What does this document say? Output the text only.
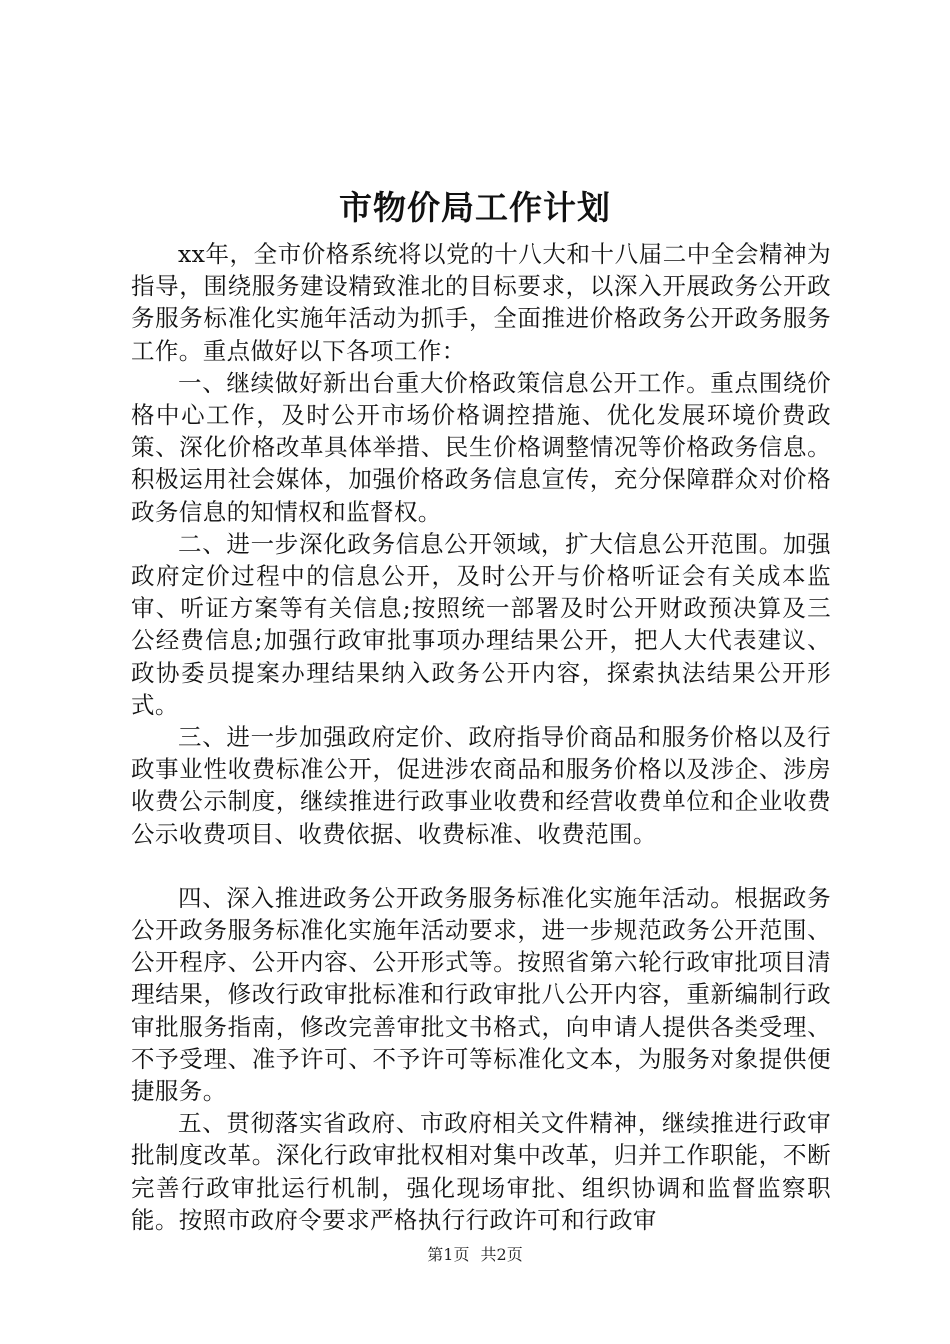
市物价局工作计划

xx年，全市价格系统将以党的十八大和十八届二中全会精神为指导，围绕服务建设精致淮北的目标要求，以深入开展政务公开政务服务标准化实施年活动为抓手，全面推进价格政务公开政务服务工作。重点做好以下各项工作：

一、继续做好新出台重大价格政策信息公开工作。重点围绕价格中心工作，及时公开市场价格调控措施、优化发展环境价费政策、深化价格改革具体举措、民生价格调整情况等价格政务信息。积极运用社会媒体，加强价格政务信息宣传，充分保障群众对价格政务信息的知情权和监督权。

二、进一步深化政务信息公开领域，扩大信息公开范围。加强政府定价过程中的信息公开，及时公开与价格听证会有关成本监审、听证方案等有关信息;按照统一部署及时公开财政预决算及三公经费信息;加强行政审批事项办理结果公开，把人大代表建议、政协委员提案办理结果纳入政务公开内容，探索执法结果公开形式。

三、进一步加强政府定价、政府指导价商品和服务价格以及行政事业性收费标准公开，促进涉农商品和服务价格以及涉企、涉房收费公示制度，继续推进行政事业收费和经营收费单位和企业收费公示收费项目、收费依据、收费标准、收费范围。

四、深入推进政务公开政务服务标准化实施年活动。根据政务公开政务服务标准化实施年活动要求，进一步规范政务公开范围、公开程序、公开内容、公开形式等。按照省第六轮行政审批项目清理结果，修改行政审批标准和行政审批八公开内容，重新编制行政审批服务指南，修改完善审批文书格式，向申请人提供各类受理、不予受理、准予许可、不予许可等标准化文本，为服务对象提供便捷服务。

五、贯彻落实省政府、市政府相关文件精神，继续推进行政审批制度改革。深化行政审批权相对集中改革，归并工作职能，不断完善行政审批运行机制，强化现场审批、组织协调和监督监察职能。按照市政府令要求严格执行行政许可和行政审

第1页 共2页
